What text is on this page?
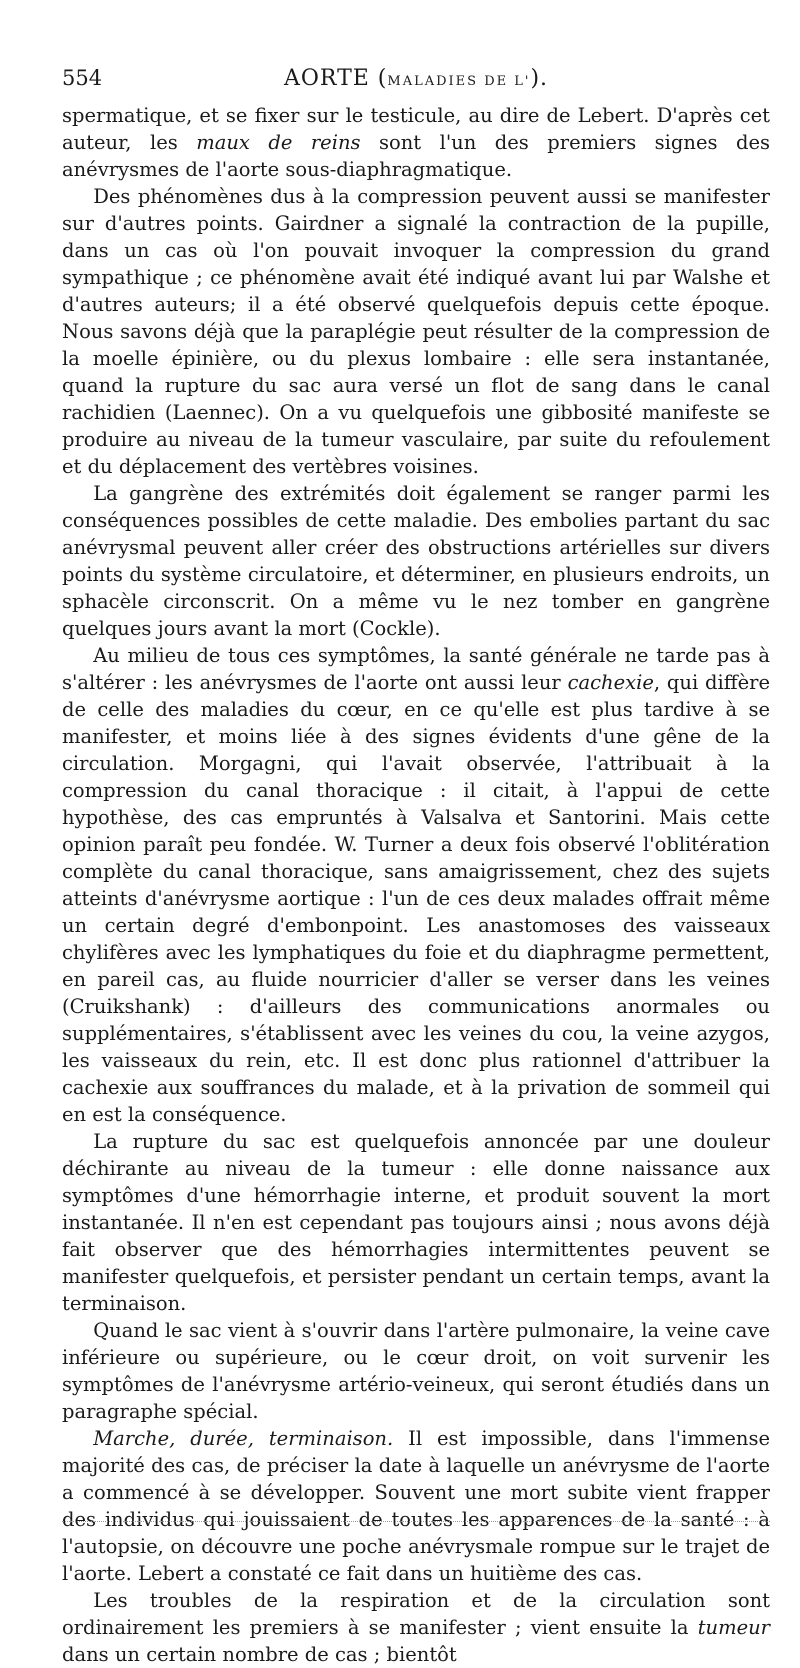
554	AORTE (MALADIES DE L').

spermatique, et se fixer sur le testicule, au dire de Lebert. D'après cet auteur, les maux de reins sont l'un des premiers signes des anévrysmes de l'aorte sous-diaphragmatique.

Des phénomènes dus à la compression peuvent aussi se manifester sur d'autres points. Gairdner a signalé la contraction de la pupille, dans un cas où l'on pouvait invoquer la compression du grand sympathique ; ce phénomène avait été indiqué avant lui par Walshe et d'autres auteurs; il a été observé quelquefois depuis cette époque. Nous savons déjà que la paraplégie peut résulter de la compression de la moelle épinière, ou du plexus lombaire : elle sera instantanée, quand la rupture du sac aura versé un flot de sang dans le canal rachidien (Laennec). On a vu quelquefois une gibbosité manifeste se produire au niveau de la tumeur vasculaire, par suite du refoulement et du déplacement des vertèbres voisines.

La gangrène des extrémités doit également se ranger parmi les conséquences possibles de cette maladie. Des embolies partant du sac anévrysmal peuvent aller créer des obstructions artérielles sur divers points du système circulatoire, et déterminer, en plusieurs endroits, un sphacèle circonscrit. On a même vu le nez tomber en gangrène quelques jours avant la mort (Cockle).

Au milieu de tous ces symptômes, la santé générale ne tarde pas à s'altérer : les anévrysmes de l'aorte ont aussi leur cachexie, qui diffère de celle des maladies du cœur, en ce qu'elle est plus tardive à se manifester, et moins liée à des signes évidents d'une gêne de la circulation. Morgagni, qui l'avait observée, l'attribuait à la compression du canal thoracique : il citait, à l'appui de cette hypothèse, des cas empruntés à Valsalva et Santorini. Mais cette opinion paraît peu fondée. W. Turner a deux fois observé l'oblitération complète du canal thoracique, sans amaigrissement, chez des sujets atteints d'anévrysme aortique : l'un de ces deux malades offrait même un certain degré d'embonpoint. Les anastomoses des vaisseaux chylifères avec les lymphatiques du foie et du diaphragme permettent, en pareil cas, au fluide nourricier d'aller se verser dans les veines (Cruikshank) : d'ailleurs des communications anormales ou supplémentaires, s'établissent avec les veines du cou, la veine azygos, les vaisseaux du rein, etc. Il est donc plus rationnel d'attribuer la cachexie aux souffrances du malade, et à la privation de sommeil qui en est la conséquence.

La rupture du sac est quelquefois annoncée par une douleur déchirante au niveau de la tumeur : elle donne naissance aux symptômes d'une hémorrhagie interne, et produit souvent la mort instantanée. Il n'en est cependant pas toujours ainsi ; nous avons déjà fait observer que des hémorrhagies intermittentes peuvent se manifester quelquefois, et persister pendant un certain temps, avant la terminaison.

Quand le sac vient à s'ouvrir dans l'artère pulmonaire, la veine cave inférieure ou supérieure, ou le cœur droit, on voit survenir les symptômes de l'anévrysme artério-veineux, qui seront étudiés dans un paragraphe spécial.

Marche, durée, terminaison. Il est impossible, dans l'immense majorité des cas, de préciser la date à laquelle un anévrysme de l'aorte a commencé à se développer. Souvent une mort subite vient frapper des individus qui jouissaient de toutes les apparences de la santé : à l'autopsie, on découvre une poche anévrysmale rompue sur le trajet de l'aorte. Lebert a constaté ce fait dans un huitième des cas.

Les troubles de la respiration et de la circulation sont ordinairement les premiers à se manifester ; vient ensuite la tumeur dans un certain nombre de cas ; bientôt
